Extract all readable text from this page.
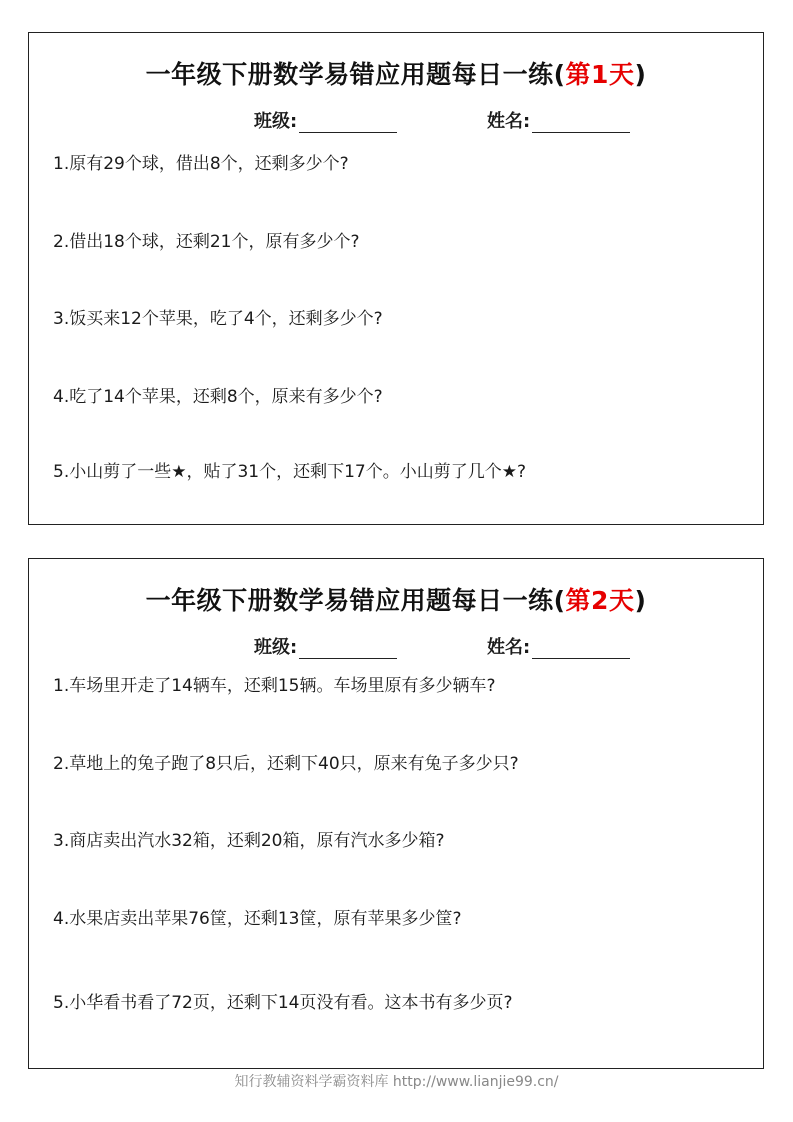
一年级下册数学易错应用题每日一练(第1天)
班级:	姓名:
1.原有29个球，借出8个，还剩多少个?
2.借出18个球，还剩21个，原有多少个?
3.饭买来12个苹果，吃了4个，还剩多少个?
4.吃了14个苹果，还剩8个，原来有多少个?
5.小山剪了一些★，贴了31个，还剩下17个。小山剪了几个★?
一年级下册数学易错应用题每日一练(第2天)
班级:	姓名:
1.车场里开走了14辆车，还剩15辆。车场里原有多少辆车?
2.草地上的兔子跑了8只后，还剩下40只，原来有兔子多少只?
3.商店卖出汽水32箱，还剩20箱，原有汽水多少箱?
4.水果店卖出苹果76筐，还剩13筐，原有苹果多少筐?
5.小华看书看了72页，还剩下14页没有看。这本书有多少页?
知行教辅资料学霸资料库 http://www.lianjie99.cn/
